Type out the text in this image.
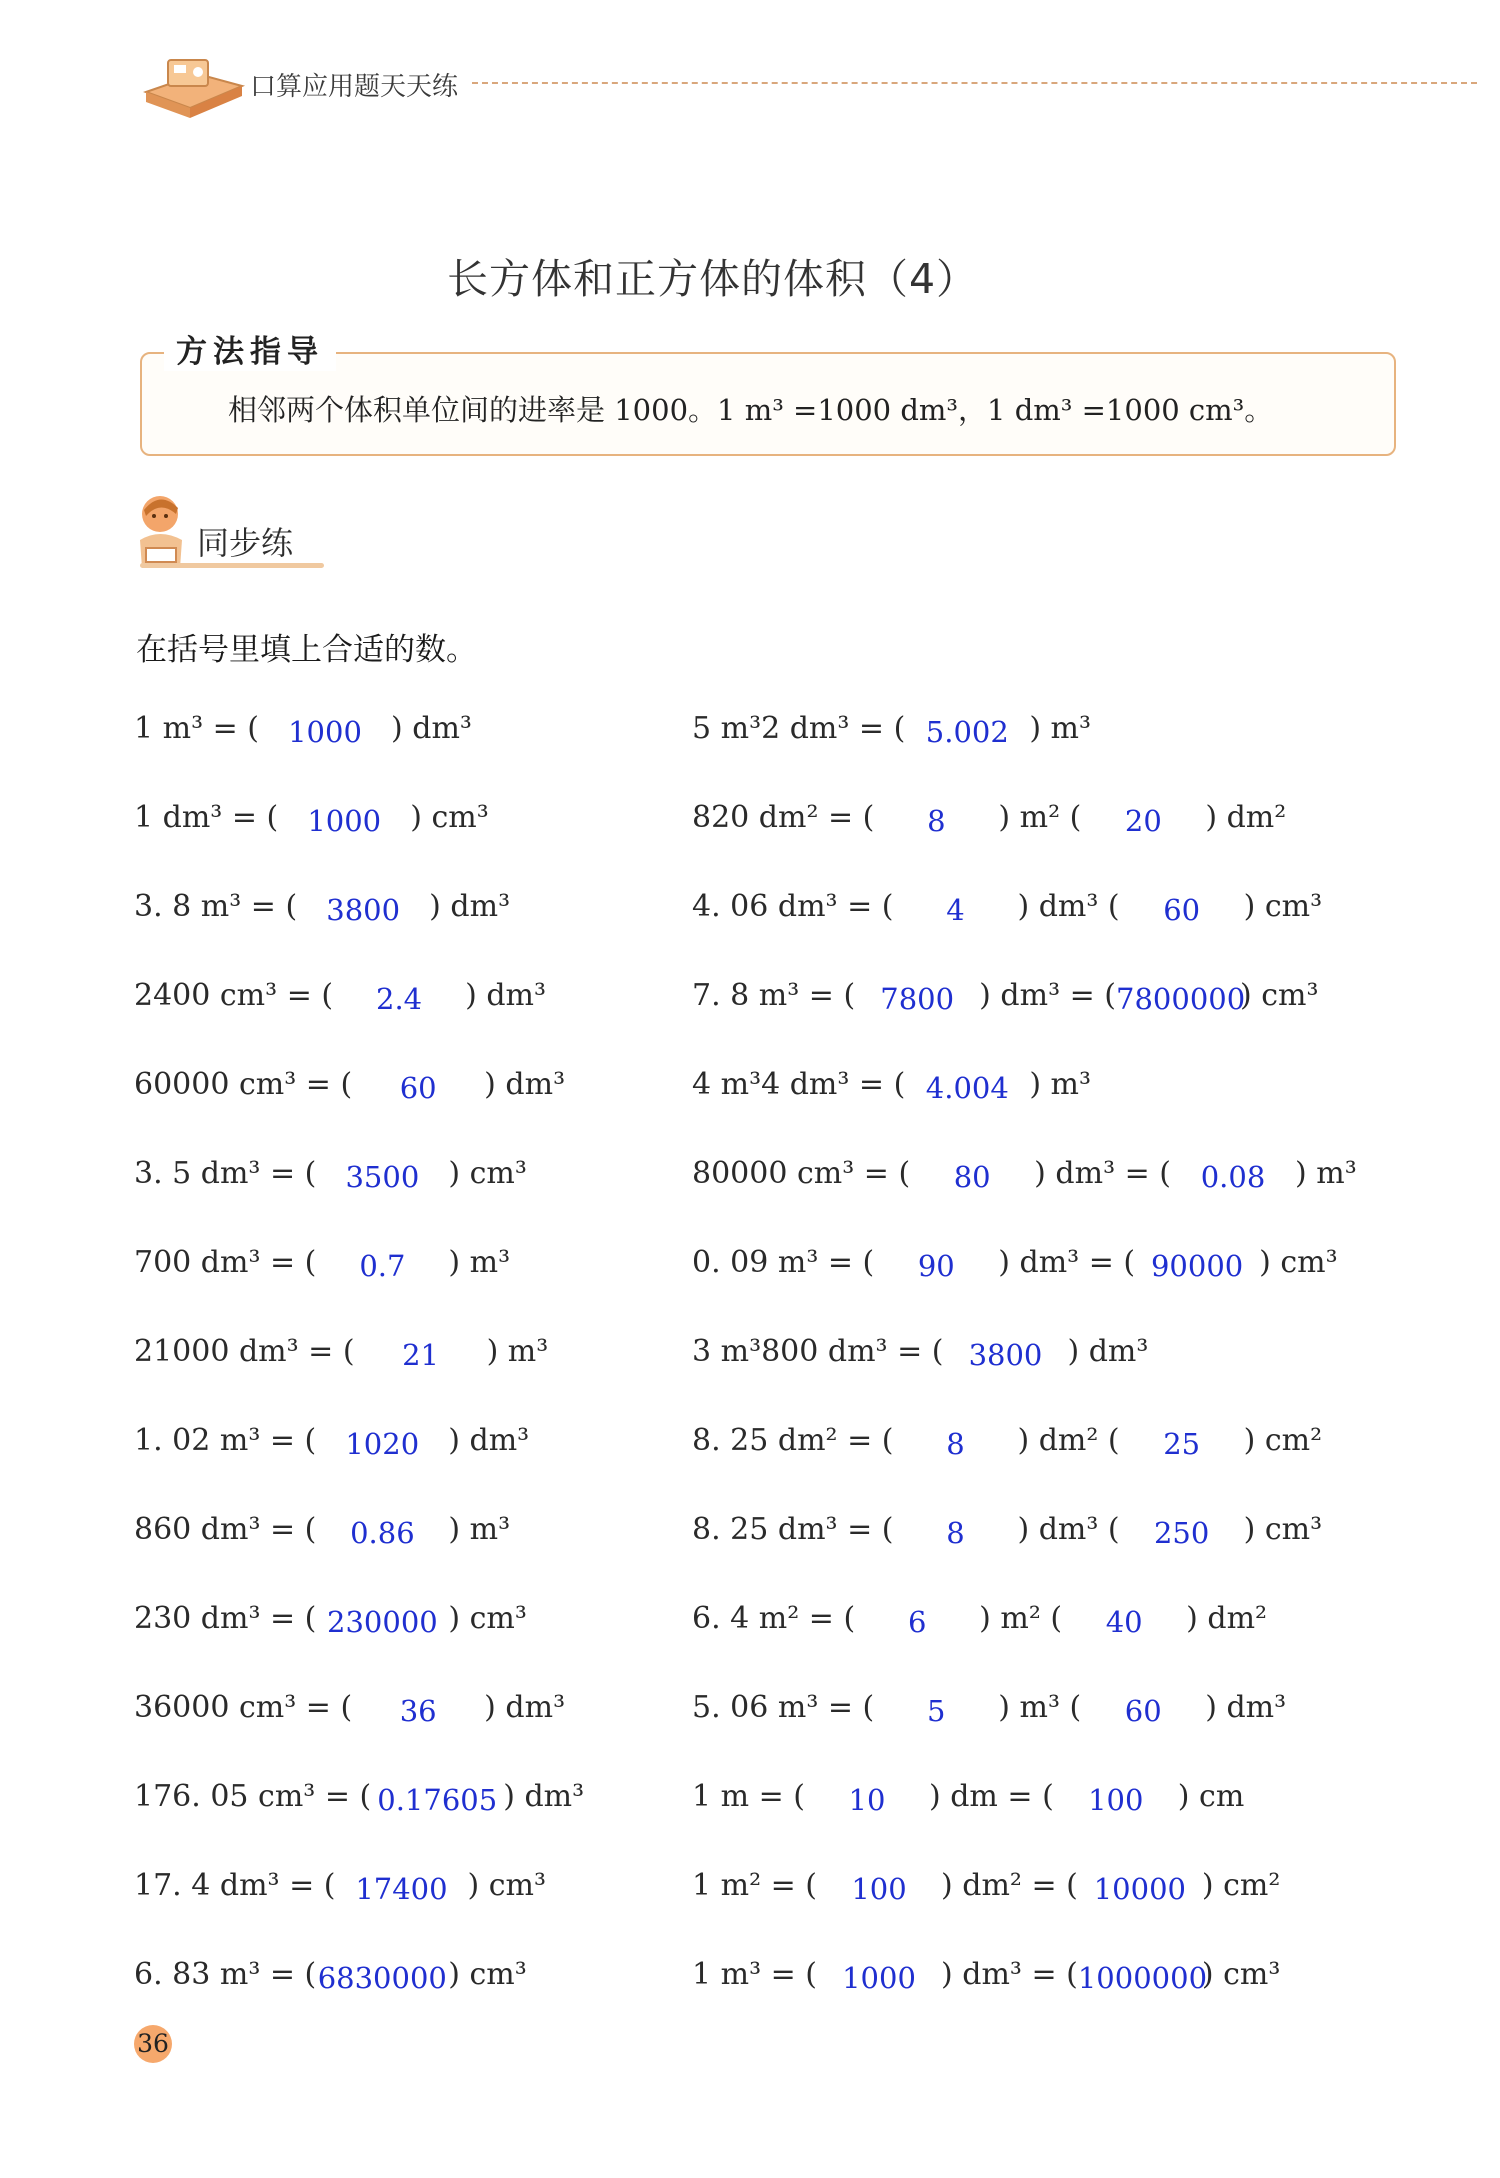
口算应用题天天练
长方体和正方体的体积（4）
方法指导
相邻两个体积单位间的进率是 1000。1 m³ =1000 dm³，1 dm³ =1000 cm³。
同步练
在括号里填上合适的数。
1 m³ = ( 1000 ) dm³
1 dm³ = ( 1000 ) cm³
3. 8 m³ = ( 3800 ) dm³
2400 cm³ = ( 2.4 ) dm³
60000 cm³ = ( 60 ) dm³
3. 5 dm³ = ( 3500 ) cm³
700 dm³ = ( 0.7 ) m³
21000 dm³ = ( 21 ) m³
1. 02 m³ = ( 1020 ) dm³
860 dm³ = ( 0.86 ) m³
230 dm³ = ( 230000 ) cm³
36000 cm³ = ( 36 ) dm³
176. 05 cm³ = ( 0.17605 ) dm³
17. 4 dm³ = ( 17400 ) cm³
6. 83 m³ = (6830000) cm³
5 m³2 dm³ = ( 5.002 ) m³
820 dm² = ( 8 ) m² ( 20 ) dm²
4. 06 dm³ = ( 4 ) dm³ ( 60 ) cm³
7. 8 m³ = ( 7800 ) dm³ = (7800000) cm³
4 m³4 dm³ = ( 4.004 ) m³
80000 cm³ = ( 80 ) dm³ = ( 0.08 ) m³
0. 09 m³ = ( 90 ) dm³ = ( 90000 ) cm³
3 m³800 dm³ = ( 3800 ) dm³
8. 25 dm² = ( 8 ) dm² ( 25 ) cm²
8. 25 dm³ = ( 8 ) dm³ ( 250 ) cm³
6. 4 m² = ( 6 ) m² ( 40 ) dm²
5. 06 m³ = ( 5 ) m³ ( 60 ) dm³
1 m = ( 10 ) dm = ( 100 ) cm
1 m² = ( 100 ) dm² = ( 10000 ) cm²
1 m³ = ( 1000 ) dm³ = (1000000) cm³
36
